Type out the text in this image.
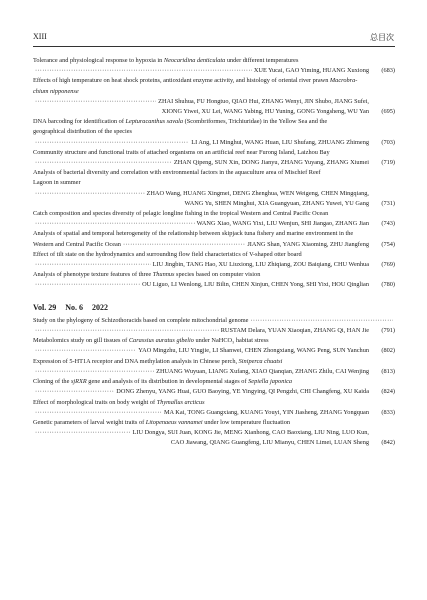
XIII	总目次
Tolerance and physiological response to hypoxia in Neocaridina denticulata under different temperatures
·····
XUE Yucai, GAO Yiming, HUANG Xuxiong	(683)
Effects of high temperature on heat shock proteins, antioxidant enzyme activity, and histology of oriental river prawn Macrobra-
chium nipponense
·····
ZHAI Shuhua, FU Hongtuo, QIAO Hui, ZHANG Wenyi, JIN Shubo, JIANG Sufei,
XIONG Yiwei, XU Lei, WANG Yabing, HU Yuning, GONG Yongsheng, WU Yan	(695)
DNA barcoding for identification of Lepturacanthus savala (Scombriformes, Trichiuridae) in the Yellow Sea and the
geographical distribution of the species
·····
LI Ang, LI Minghui, WANG Huan, LIU Shufang, ZHUANG Zhimeng	(703)
Community structure and functional traits of attached organisms on an artificial reef near Furong Island, Laizhou Bay
·····
ZHAN Qipeng, SUN Xin, DONG Jianyu, ZHANG Yuyang, ZHANG Xiumei	(719)
Analysis of bacterial diversity and correlation with environmental factors in the aquaculture area of Mischief Reef
Lagoon in summer
·····
ZHAO Wang, HUANG Xingmei, DENG Zhenghua, WEN Weigeng, CHEN Mingqiang,
WANG Yu, SHEN Minghui, XIA Guangyuan, ZHANG Yuwei, YU Gang	(731)
Catch composition and species diversity of pelagic longline fishing in the tropical Western and Central Pacific Ocean
·····
WANG Xiao, WANG Yixi, LIU Wenjun, SHI Jiangao, ZHANG Jian	(743)
Analysis of spatial and temporal heterogeneity of the relationship between skipjack tuna fishery and marine environment in the
Western and Central Pacific Ocean
·····	JIANG Shan, YANG Xiaoming, ZHU Jiangfeng	(754)
Effect of tilt state on the hydrodynamics and surrounding flow field characteristics of V-shaped otter board
·····
LIU Jingbin, TANG Hao, XU Liuxiong, LIU Zhiqiang, ZOU Baiqiang, CHU Wenhua	(769)
Analysis of phenotype texture features of three Thunnus species based on computer vision
·····
OU Liguo, LI Wenlong, LIU Bilin, CHEN Xinjun, CHEN Yong, SHI Yixi, HOU Qinglian	(780)
Vol. 29 No. 6 2022
Study on the phylogeny of Schizothoracids based on complete mitochondrial genome
·····
·····
RUSTAM Delara, YUAN Xiaoqian, ZHANG Qi, HAN Jie	(791)
Metabolomics study on gill tissues of Carassius auratus gibelio under NaHCO₃ habitat stress
·····
YAO Mingzhu, LIU Yingjie, LI Shanwei, CHEN Zhongxiang, WANG Peng, SUN Yanchun	(802)
Expression of 5-HT1A receptor and DNA methylation analysis in Chinese perch, Siniperca chuatsi
·····
ZHUANG Wuyuan, LIANG Xufang, XIAO Qianqian, ZHANG Zhilu, CAI Wenjing	(813)
Cloning of the sjRXR gene and analysis of its distribution in developmental stages of Sepiella japonica
·····
DONG Zhenyu, YANG Huai, GUO Baoying, YE Yingying, QI Pengzhi, CHI Changfeng, XU Kaida	(824)
Effect of morphological traits on body weight of Thymallus arcticus
·····
MA Kai, TONG Guangxiang, KUANG Youyi, YIN Jiasheng, ZHANG Yongquan	(833)
Genetic parameters of larval weight traits of Litopenaeus vannamei under low temperature fluctuation
·····
LIU Dongya, SUI Juan, KONG Jie, MENG Xianhong, CAO Baoxiang, LIU Ning, LUO Kun,
CAO Jiawang, QIANG Guangfeng, LIU Mianyu, CHEN Limei, LUAN Sheng	(842)
